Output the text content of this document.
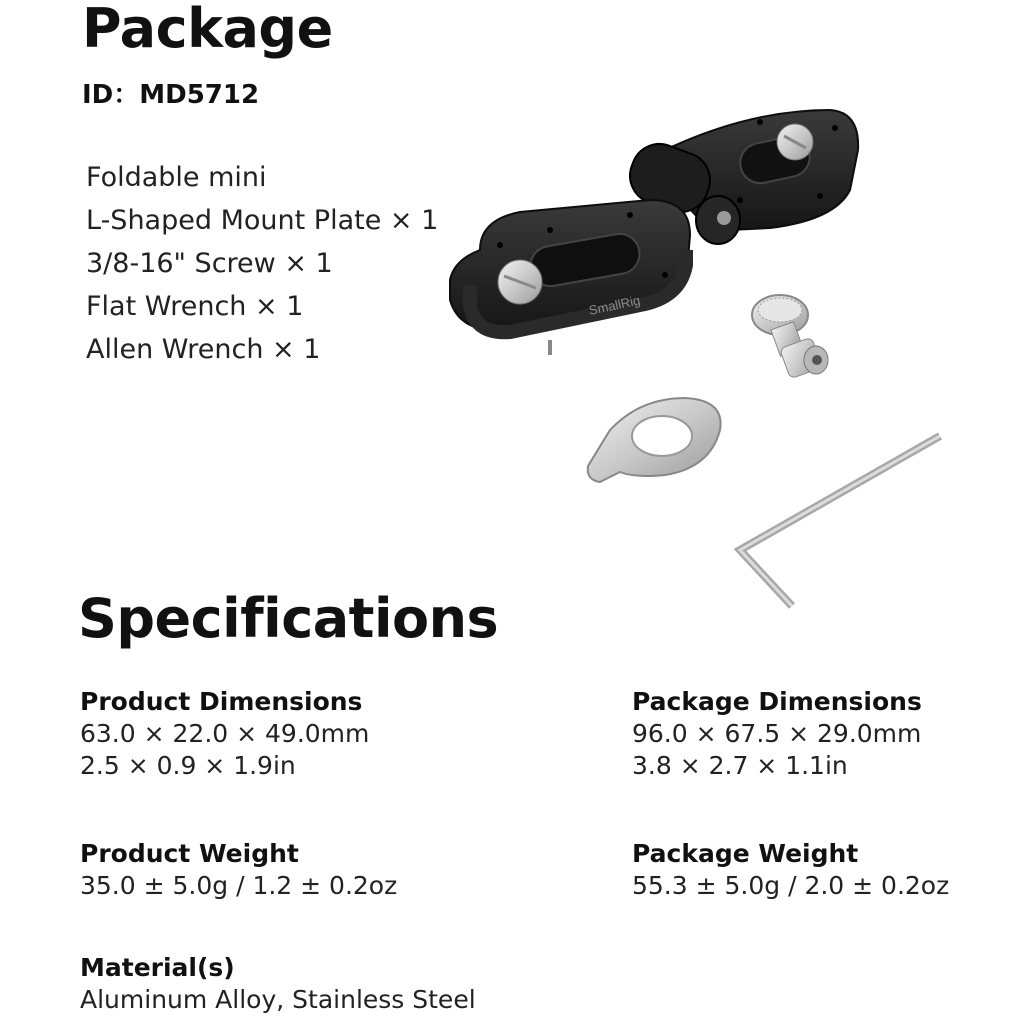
Package
ID：MD5712
Foldable mini
L-Shaped Mount Plate × 1
3/8-16" Screw × 1
Flat Wrench × 1
Allen Wrench × 1
SmallRig
Specifications
Product Dimensions
63.0 × 22.0 × 49.0mm
2.5 × 0.9 × 1.9in
Package Dimensions
96.0 × 67.5 × 29.0mm
3.8 × 2.7 × 1.1in
Product Weight
35.0 ± 5.0g / 1.2 ± 0.2oz
Package Weight
55.3 ± 5.0g / 2.0 ± 0.2oz
Material(s)
Aluminum Alloy, Stainless Steel
